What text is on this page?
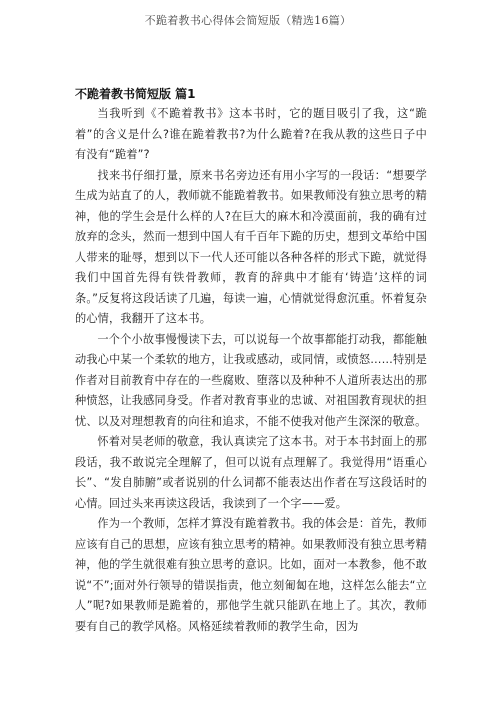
不跪着教书心得体会简短版（精选16篇）

不跪着教书简短版 篇1

当我听到《不跪着教书》这本书时，它的题目吸引了我，这“跪着”的含义是什么?谁在跪着教书?为什么跪着?在我从教的这些日子中有没有“跪着”?

找来书仔细打量，原来书名旁边还有用小字写的一段话：“想要学生成为站直了的人，教师就不能跪着教书。如果教师没有独立思考的精神，他的学生会是什么样的人?在巨大的麻木和冷漠面前，我的确有过放弃的念头，然而一想到中国人有千百年下跪的历史，想到文革给中国人带来的耻辱，想到以下一代人还可能以各种各样的形式下跪，就觉得我们中国首先得有铁骨教师，教育的辞典中才能有‘铸造’这样的词条。”反复将这段话读了几遍，每读一遍，心情就觉得愈沉重。怀着复杂的心情，我翻开了这本书。

一个个小故事慢慢读下去，可以说每一个故事都能打动我，都能触动我心中某一个柔软的地方，让我或感动，或同情，或愤怒……特别是作者对目前教育中存在的一些腐败、堕落以及种种不人道所表达出的那种愤怒，让我感同身受。作者对教育事业的忠诚、对祖国教育现状的担忧、以及对理想教育的向往和追求，不能不使我对他产生深深的敬意。

怀着对吴老师的敬意，我认真读完了这本书。对于本书封面上的那段话，我不敢说完全理解了，但可以说有点理解了。我觉得用“语重心长”、“发自肺腑”或者说别的什么词都不能表达出作者在写这段话时的心情。回过头来再读这段话，我读到了一个字——爱。

作为一个教师，怎样才算没有跪着教书。我的体会是：首先，教师应该有自己的思想，应该有独立思考的精神。如果教师没有独立思考精神，他的学生就很难有独立思考的意识。比如，面对一本教参，他不敢说“不”;面对外行领导的错误指责，他立刻匍匐在地，这样怎么能去“立人”呢?如果教师是跪着的，那他学生就只能趴在地上了。其次，教师要有自己的教学风格。风格延续着教师的教学生命，因为
